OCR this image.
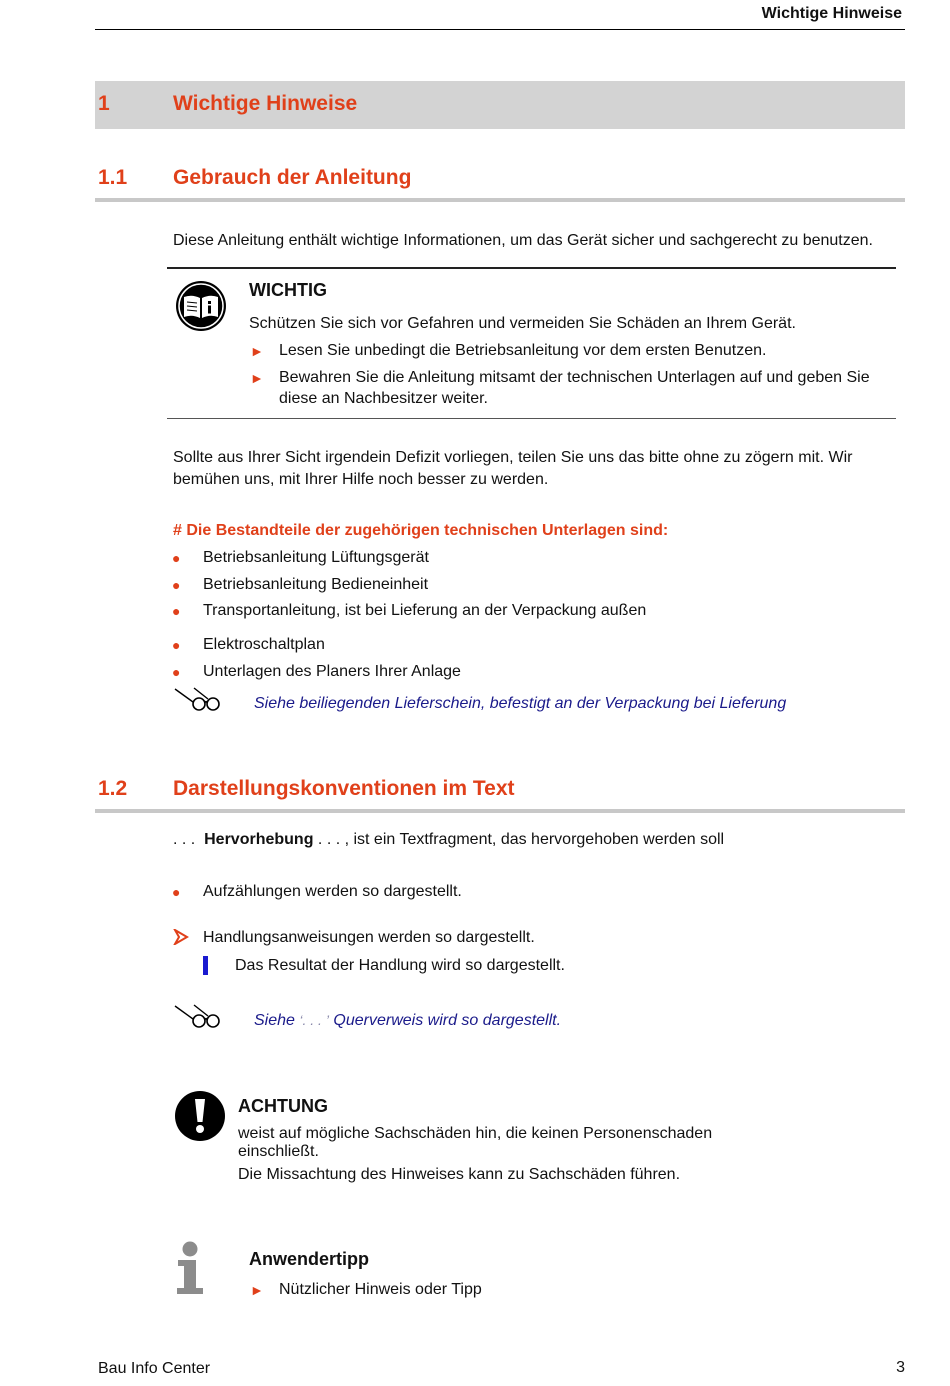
Wichtige Hinweise
1	Wichtige Hinweise
1.1 Gebrauch der Anleitung
Diese Anleitung enthält wichtige Informationen, um das Gerät sicher und sachgerecht zu benutzen.
WICHTIG
Schützen Sie sich vor Gefahren und vermeiden Sie Schäden an Ihrem Gerät.
► Lesen Sie unbedingt die Betriebsanleitung vor dem ersten Benutzen.
► Bewahren Sie die Anleitung mitsamt der technischen Unterlagen auf und geben Sie
diese an Nachbesitzer weiter.
Sollte aus Ihrer Sicht irgendein Defizit vorliegen, teilen Sie uns das bitte ohne zu zögern mit. Wir
bemühen uns, mit Ihrer Hilfe noch besser zu werden.
# Die Bestandteile der zugehörigen technischen Unterlagen sind:
● Betriebsanleitung Lüftungsgerät
● Betriebsanleitung Bedieneinheit
● Transportanleitung, ist bei Lieferung an der Verpackung außen
● Elektroschaltplan
● Unterlagen des Planers Ihrer Anlage
Siehe beiliegenden Lieferschein, befestigt an der Verpackung bei Lieferung
1.2 Darstellungskonventionen im Text
. . . Hervorhebung . . . , ist ein Textfragment, das hervorgehoben werden soll
● Aufzählungen werden so dargestellt.
Handlungsanweisungen werden so dargestellt.
Das Resultat der Handlung wird so dargestellt.
Siehe ‘. . . ’ Querverweis wird so dargestellt.
ACHTUNG
weist auf mögliche Sachschäden hin, die keinen Personenschaden
einschließt.
Die Missachtung des Hinweises kann zu Sachschäden führen.
Anwendertipp
► Nützlicher Hinweis oder Tipp
Bau Info Center	3
